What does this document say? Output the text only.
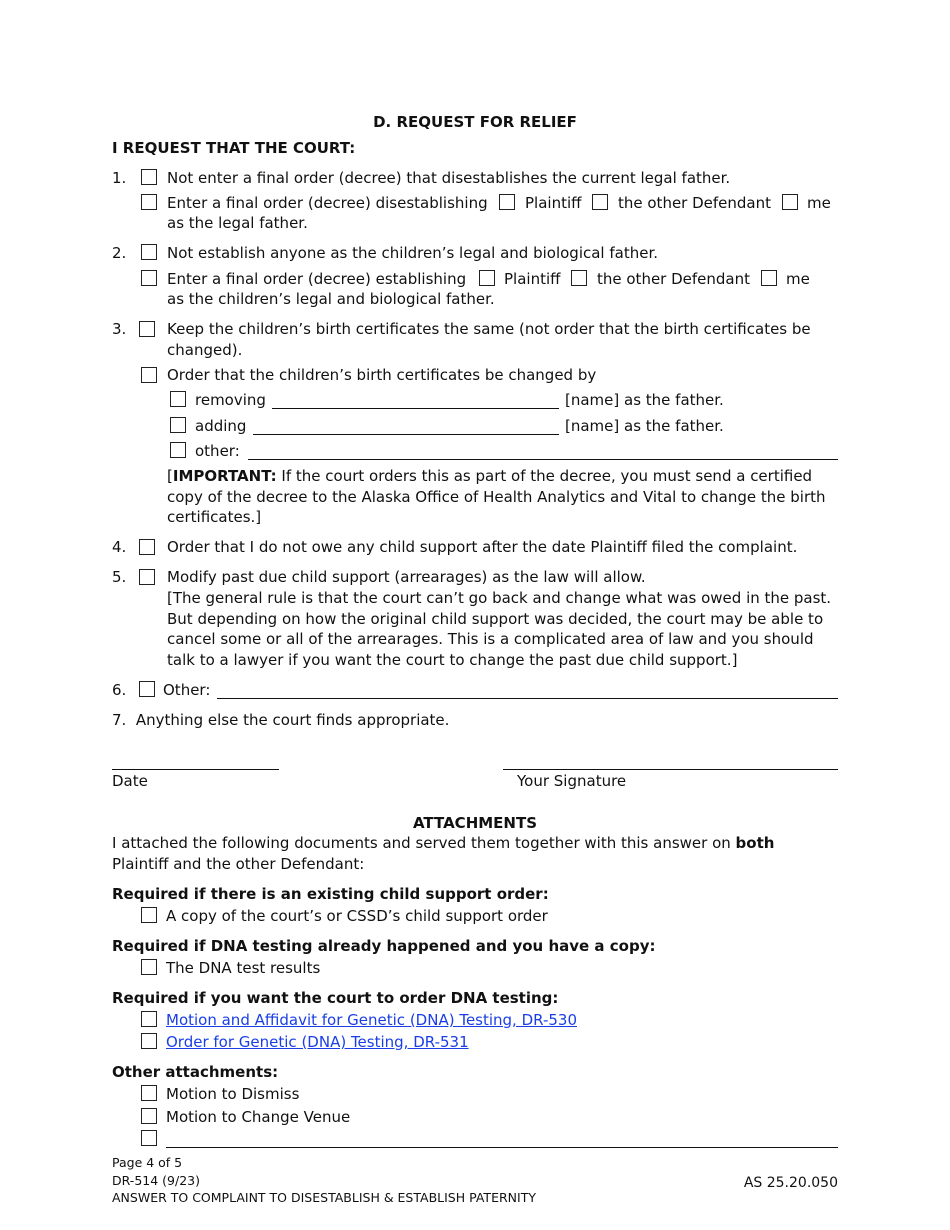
D. REQUEST FOR RELIEF
I REQUEST THAT THE COURT:
1.	Not enter a final order (decree) that disestablishes the current legal father.
Enter a final order (decree) disestablishing Plaintiff the other Defendant me
as the legal father.
2.	Not establish anyone as the children’s legal and biological father.
Enter a final order (decree) establishing	Plaintiff the other Defendant me
as the children’s legal and biological father.
3.	Keep the children’s birth certificates the same (not order that the birth certificates be
changed).
Order that the children’s birth certificates be changed by
removing	[name] as the father.
adding	[name] as the father.
other:
[IMPORTANT: If the court orders this as part of the decree, you must send a certified
copy of the decree to the Alaska Office of Health Analytics and Vital to change the birth
certificates.]
4.	Order that I do not owe any child support after the date Plaintiff filed the complaint.
5.	Modify past due child support (arrearages) as the law will allow.
[The general rule is that the court can’t go back and change what was owed in the past.
But depending on how the original child support was decided, the court may be able to
cancel some or all of the arrearages. This is a complicated area of law and you should
talk to a lawyer if you want the court to change the past due child support.]
6. Other:
7. Anything else the court finds appropriate.
Date	Your Signature
ATTACHMENTS
I attached the following documents and served them together with this answer on both
Plaintiff and the other Defendant:
Required if there is an existing child support order:
A copy of the court’s or CSSD’s child support order
Required if DNA testing already happened and you have a copy:
The DNA test results
Required if you want the court to order DNA testing:
Motion and Affidavit for Genetic (DNA) Testing, DR-530
Order for Genetic (DNA) Testing, DR-531
Other attachments:
Motion to Dismiss
Motion to Change Venue
Page 4 of 5
DR-514 (9/23)
ANSWER TO COMPLAINT TO DISESTABLISH & ESTABLISH PATERNITY
AS 25.20.050
